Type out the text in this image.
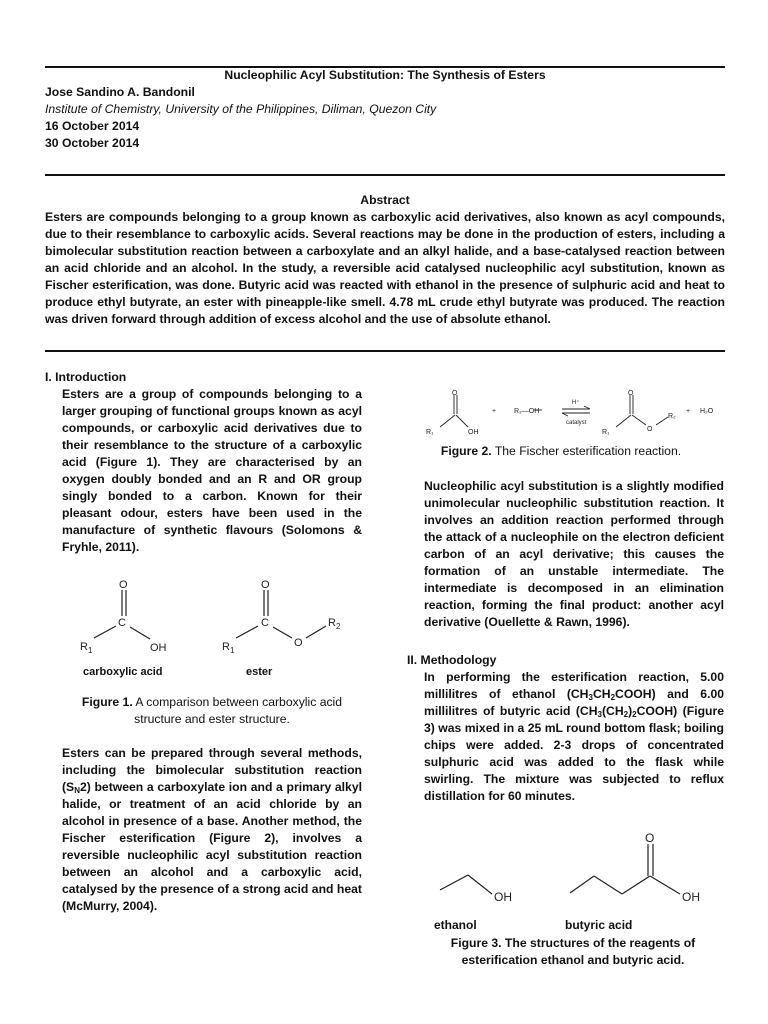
Nucleophilic Acyl Substitution: The Synthesis of Esters
Jose Sandino A. Bandonil
Institute of Chemistry, University of the Philippines, Diliman, Quezon City
16 October 2014
30 October 2014
Abstract
Esters are compounds belonging to a group known as carboxylic acid derivatives, also known as acyl compounds, due to their resemblance to carboxylic acids. Several reactions may be done in the production of esters, including a bimolecular substitution reaction between a carboxylate and an alkyl halide, and a base-catalysed reaction between an acid chloride and an alcohol. In the study, a reversible acid catalysed nucleophilic acyl substitution, known as Fischer esterification, was done. Butyric acid was reacted with ethanol in the presence of sulphuric acid and heat to produce ethyl butyrate, an ester with pineapple-like smell. 4.78 mL crude ethyl butyrate was produced. The reaction was driven forward through addition of excess alcohol and the use of absolute ethanol.
I. Introduction
Esters are a group of compounds belonging to a larger grouping of functional groups known as acyl compounds, or carboxylic acid derivatives due to their resemblance to the structure of a carboxylic acid (Figure 1). They are characterised by an oxygen doubly bonded and an R and OR group singly bonded to a carbon. Known for their pleasant odour, esters have been used in the manufacture of synthetic flavours (Solomons & Fryhle, 2011).
O
C
OH
$R_1$
O
C
O
$R_1$
$R_2$
carboxylic acid	ester
Figure 1. A comparison between carboxylic acid structure and ester structure.
Esters can be prepared through several methods, including the bimolecular substitution reaction $(S_N2)$ between a carboxylate ion and a primary alkyl halide, or treatment of an acid chloride by an alcohol in presence of a base. Another method, the Fischer esterification (Figure 2), involves a reversible nucleophilic acyl substitution reaction between an alcohol and a carboxylic acid, catalysed by the presence of a strong acid and heat (McMurry, 2004).
O
R₁	OH
+	R₂—OH
H⁺
catalyst
O
R₁	O
R₂
+ H₂O
Figure 2. The Fischer esterification reaction.
Nucleophilic acyl substitution is a slightly modified unimolecular nucleophilic substitution reaction. It involves an addition reaction performed through the attack of a nucleophile on the electron deficient carbon of an acyl derivative; this causes the formation of an unstable intermediate. The intermediate is decomposed in an elimination reaction, forming the final product: another acyl derivative (Ouellette & Rawn, 1996).
II. Methodology
In performing the esterification reaction, 5.00 millilitres of ethanol $(CH_3CH_2COOH)$ and 6.00 millilitres of butyric acid $(CH_3(CH_2)_2COOH)$ (Figure 3) was mixed in a 25 mL round bottom flask; boiling chips were added. 2-3 drops of concentrated sulphuric acid was added to the flask while swirling. The mixture was subjected to reflux distillation for 60 minutes.
OH
O
OH
ethanol	butyric acid
Figure 3. The structures of the reagents of esterification ethanol and butyric acid.
